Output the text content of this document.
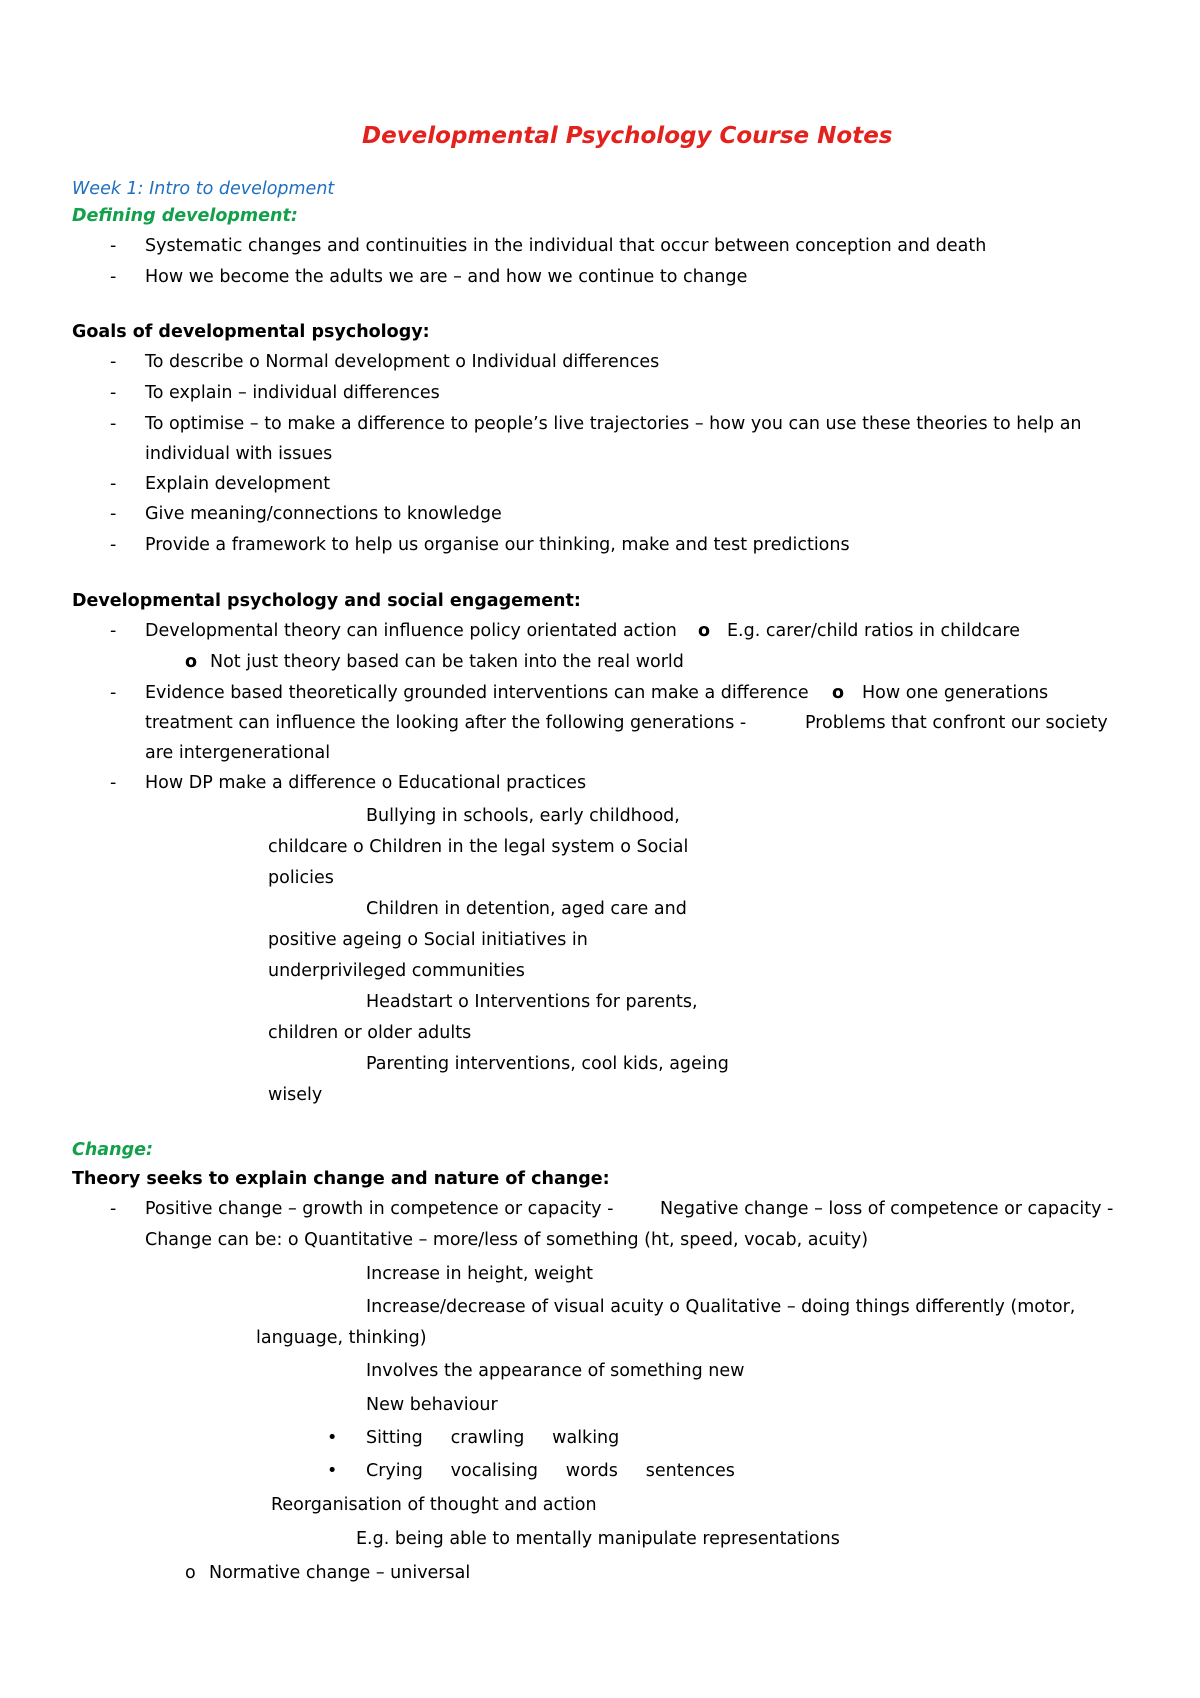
Developmental Psychology Course Notes
Week 1: Intro to development
Defining development:
- Systematic changes and continuities in the individual that occur between conception and death
- How we become the adults we are – and how we continue to change
Goals of developmental psychology:
- To describe o Normal development o Individual differences
- To explain – individual differences
- To optimise – to make a difference to people’s live trajectories – how you can use these theories to help an
individual with issues
- Explain development
- Give meaning/connections to knowledge
- Provide a framework to help us organise our thinking, make and test predictions
Developmental psychology and social engagement:
- Developmental theory can influence policy orientated action o E.g. carer/child ratios in childcare
o Not just theory based can be taken into the real world
- Evidence based theoretically grounded interventions can make a difference o How one generations
treatment can influence the looking after the following generations -	Problems that confront our society
are intergenerational
- How DP make a difference o Educational practices
Bullying in schools, early childhood,
childcare o Children in the legal system o Social
policies
Children in detention, aged care and
positive ageing o Social initiatives in
underprivileged communities
Headstart o Interventions for parents,
children or older adults
Parenting interventions, cool kids, ageing
wisely
Change:
Theory seeks to explain change and nature of change:
- Positive change – growth in competence or capacity -	Negative change – loss of competence or capacity -
Change can be: o Quantitative – more/less of something (ht, speed, vocab, acuity)
Increase in height, weight
Increase/decrease of visual acuity o Qualitative – doing things differently (motor,
language, thinking)
Involves the appearance of something new
New behaviour
• Sitting     crawling     walking
• Crying     vocalising     words     sentences
Reorganisation of thought and action
E.g. being able to mentally manipulate representations
o Normative change – universal
